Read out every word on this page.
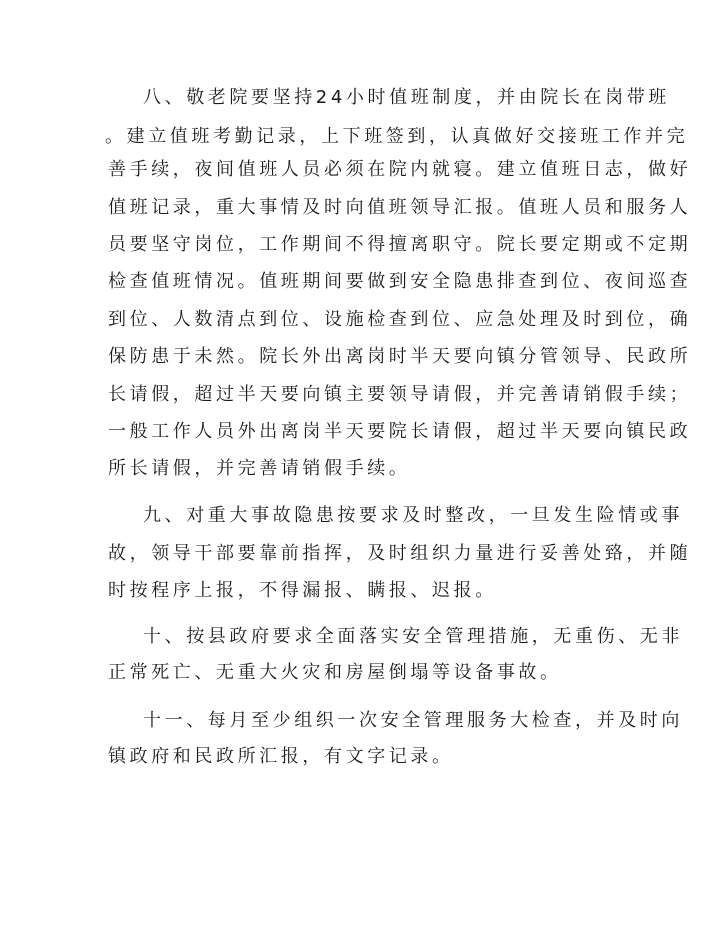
八、敬老院要坚持24小时值班制度，并由院长在岗带班
。建立值班考勤记录，上下班签到，认真做好交接班工作并完
善手续，夜间值班人员必须在院内就寝。建立值班日志，做好
值班记录，重大事情及时向值班领导汇报。值班人员和服务人
员要坚守岗位，工作期间不得擅离职守。院长要定期或不定期
检查值班情况。值班期间要做到安全隐患排查到位、夜间巡查
到位、人数清点到位、设施检查到位、应急处理及时到位，确
保防患于未然。院长外出离岗时半天要向镇分管领导、民政所
长请假，超过半天要向镇主要领导请假，并完善请销假手续；
一般工作人员外出离岗半天要院长请假，超过半天要向镇民政
所长请假，并完善请销假手续。
九、对重大事故隐患按要求及时整改，一旦发生险情或事
故，领导干部要靠前指挥，及时组织力量进行妥善处臵，并随
时按程序上报，不得漏报、瞒报、迟报。
十、按县政府要求全面落实安全管理措施，无重伤、无非
正常死亡、无重大火灾和房屋倒塌等设备事故。
十一、每月至少组织一次安全管理服务大检查，并及时向
镇政府和民政所汇报，有文字记录。
